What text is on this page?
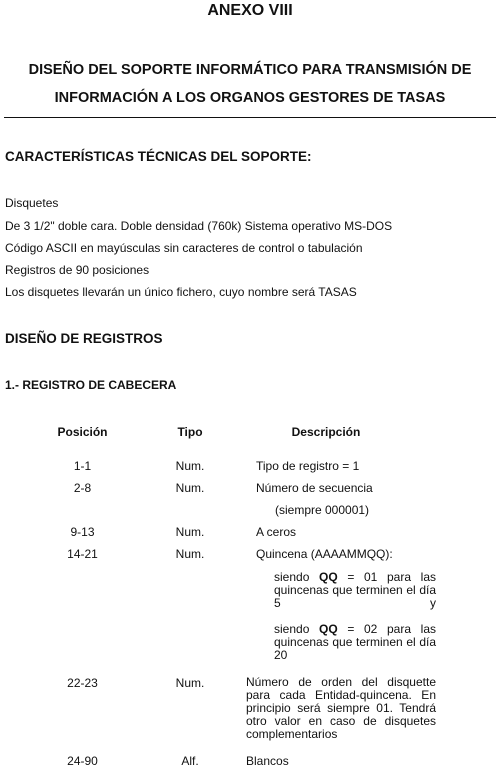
ANEXO VIII
DISEÑO DEL SOPORTE INFORMÁTICO PARA TRANSMISIÓN DE
INFORMACIÓN A LOS ORGANOS GESTORES DE TASAS
CARACTERÍSTICAS TÉCNICAS DEL SOPORTE:
Disquetes
De 3 1/2" doble cara. Doble densidad (760k) Sistema operativo MS-DOS
Código ASCII en mayúsculas sin caracteres de control o tabulación
Registros de 90 posiciones
Los disquetes llevarán un único fichero, cuyo nombre será TASAS
DISEÑO DE REGISTROS
1.- REGISTRO DE CABECERA
Posición	Tipo	Descripción
1-1	Num.	Tipo de registro = 1
2-8	Num.	Número de secuencia
(siempre 000001)
9-13	Num.	A ceros
14-21	Num.	Quincena (AAAAMMQQ):
siendo QQ = 01 para las quincenas que terminen el día 5 y
siendo QQ = 02 para las quincenas que terminen el día 20
22-23	Num.	Número de orden del disquette para cada Entidad-quincena. En principio será siempre 01. Tendrá otro valor en caso de disquetes complementarios
24-90	Alf.	Blancos
